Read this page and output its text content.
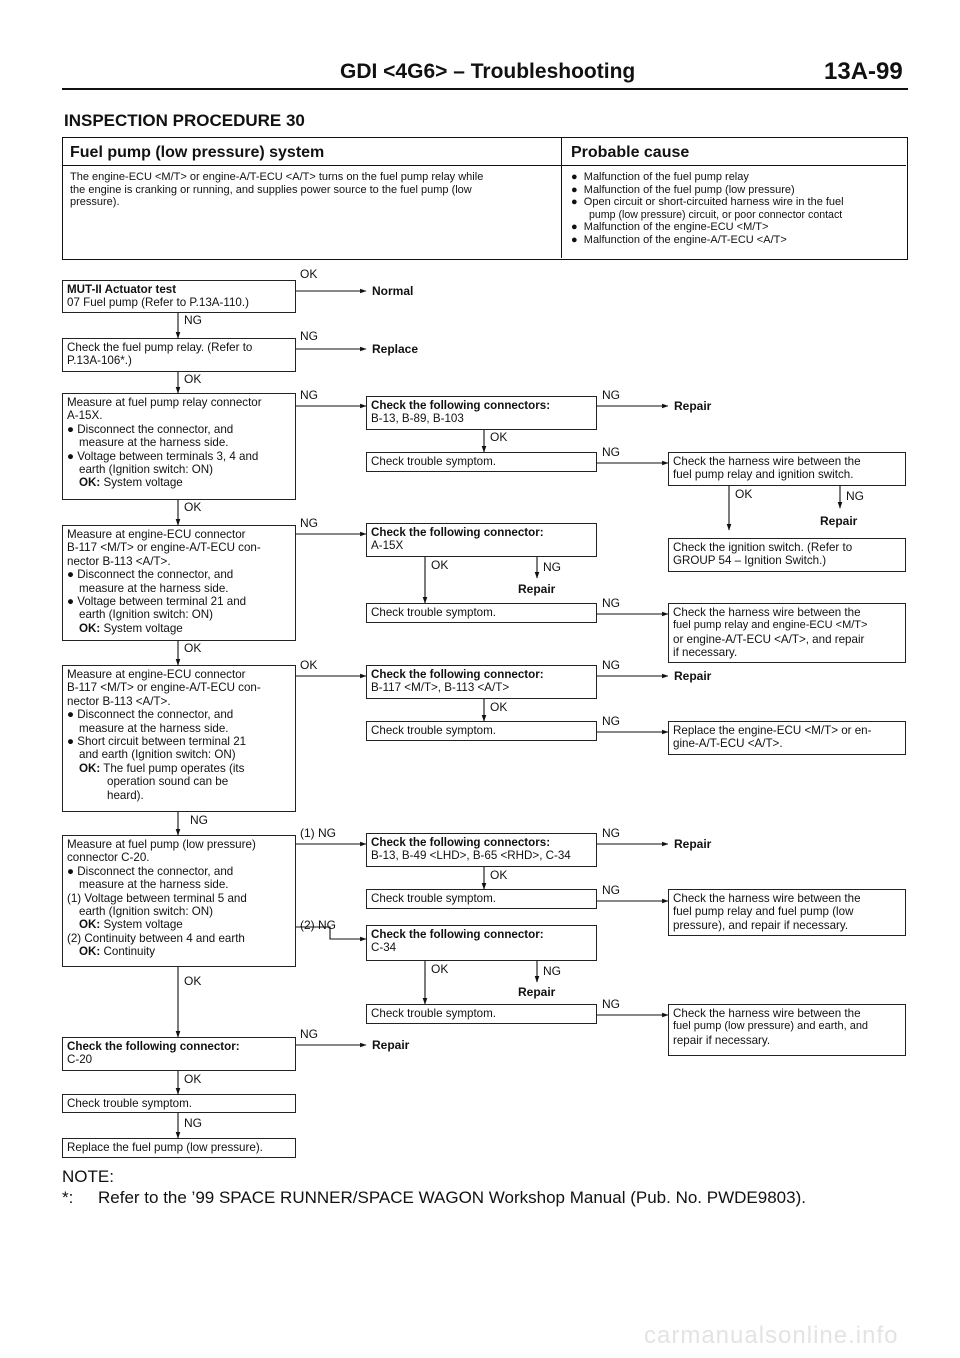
GDI <4G6> – Troubleshooting	13A-99
INSPECTION PROCEDURE 30
Fuel pump (low pressure) system	Probable cause
The engine-ECU <M/T> or engine-A/T-ECU <A/T> turns on the fuel pump relay while
the engine is cranking or running, and supplies power source to the fuel pump (low
pressure).
● Malfunction of the fuel pump relay
● Malfunction of the fuel pump (low pressure)
● Open circuit or short-circuited harness wire in the fuel
pump (low pressure) circuit, or poor connector contact
● Malfunction of the engine-ECU <M/T>
● Malfunction of the engine-A/T-ECU <A/T>
MUT-II Actuator test
07 Fuel pump (Refer to P.13A-110.)
Check the fuel pump relay. (Refer to
P.13A-106*.)
Measure at fuel pump relay connector
A-15X.
● Disconnect the connector, and
measure at the harness side.
● Voltage between terminals 3, 4 and
earth (Ignition switch: ON)
OK: System voltage
Measure at engine-ECU connector
B-117 <M/T> or engine-A/T-ECU con-
nector B-113 <A/T>.
● Disconnect the connector, and
measure at the harness side.
● Voltage between terminal 21 and
earth (Ignition switch: ON)
OK: System voltage
Measure at engine-ECU connector
B-117 <M/T> or engine-A/T-ECU con-
nector B-113 <A/T>.
● Disconnect the connector, and
measure at the harness side.
● Short circuit between terminal 21
and earth (Ignition switch: ON)
OK: The fuel pump operates (its
operation sound can be
heard).
Measure at fuel pump (low pressure)
connector C-20.
● Disconnect the connector, and
measure at the harness side.
(1) Voltage between terminal 5 and
earth (Ignition switch: ON)
OK: System voltage
(2) Continuity between 4 and earth
OK: Continuity
Check the following connector:
C-20
Check trouble symptom.
Replace the fuel pump (low pressure).
Check the following connectors:
B-13, B-89, B-103
Check trouble symptom.
Check the following connector:
A-15X
Check trouble symptom.
Check the following connector:
B-117 <M/T>, B-113 <A/T>
Check trouble symptom.
Check the following connectors:
B-13, B-49 <LHD>, B-65 <RHD>, C-34
Check trouble symptom.
Check the following connector:
C-34
Check trouble symptom.
Check the harness wire between the
fuel pump relay and ignition switch.
Check the ignition switch. (Refer to
GROUP 54 – Ignition Switch.)
Check the harness wire between the
fuel pump relay and engine-ECU <M/T>
or engine-A/T-ECU <A/T>, and repair
if necessary.
Replace the engine-ECU <M/T> or en-
gine-A/T-ECU <A/T>.
Check the harness wire between the
fuel pump relay and fuel pump (low
pressure), and repair if necessary.
Check the harness wire between the
fuel pump (low pressure) and earth, and
repair if necessary.
Normal
Replace
Repair
Repair
Repair
Repair
Repair
Repair
Repair
OK
NG
NG
OK
NG	NG
OK
NG
OK	NG
OK
NG
OK	NG
NG
OK
OK	NG
OK
NG
NG
(1) NG	NG
OK
NG
(2) NG
OK	NG
OK
NG
NG
OK
NG
NOTE:
*: Refer to the ’99 SPACE RUNNER/SPACE WAGON Workshop Manual (Pub. No. PWDE9803).
carmanualsonline.info
